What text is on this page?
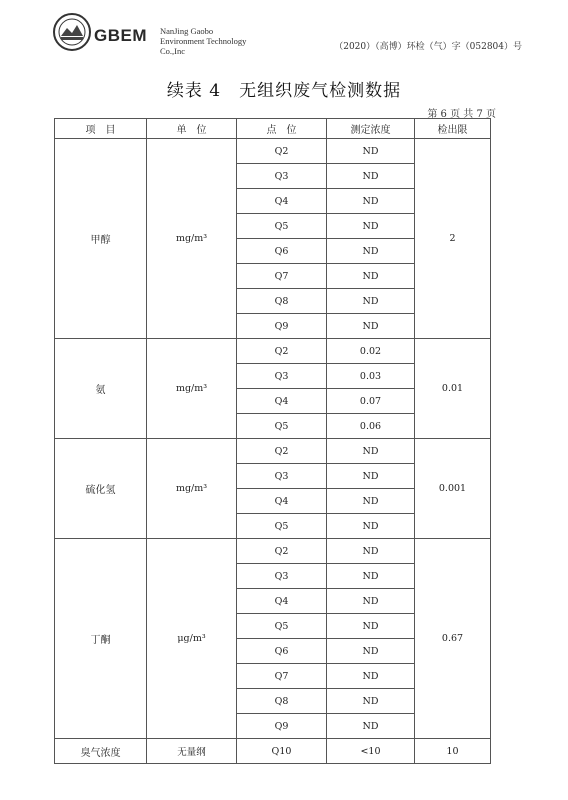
GBEM NanJing Gaobo
Environment Technology
Co.,Inc	（2020）（高博）环检（气）字（052804）号
续表 4　无组织废气检测数据
第 6 页 共 7 页
项　目	单　位	点　位	测定浓度	检出限
甲醇	mg/m³	Q2	ND	2
		Q3	ND	
		Q4	ND	
		Q5	ND	
		Q6	ND	
		Q7	ND	
		Q8	ND	
		Q9	ND	
氨	mg/m³	Q2	0.02	0.01
		Q3	0.03	
		Q4	0.07	
		Q5	0.06	
硫化氢	mg/m³	Q2	ND	0.001
		Q3	ND	
		Q4	ND	
		Q5	ND	
丁酮	μg/m³	Q2	ND	0.67
		Q3	ND	
		Q4	ND	
		Q5	ND	
		Q6	ND	
		Q7	ND	
		Q8	ND	
		Q9	ND	
臭气浓度	无量纲	Q10	<10	10
